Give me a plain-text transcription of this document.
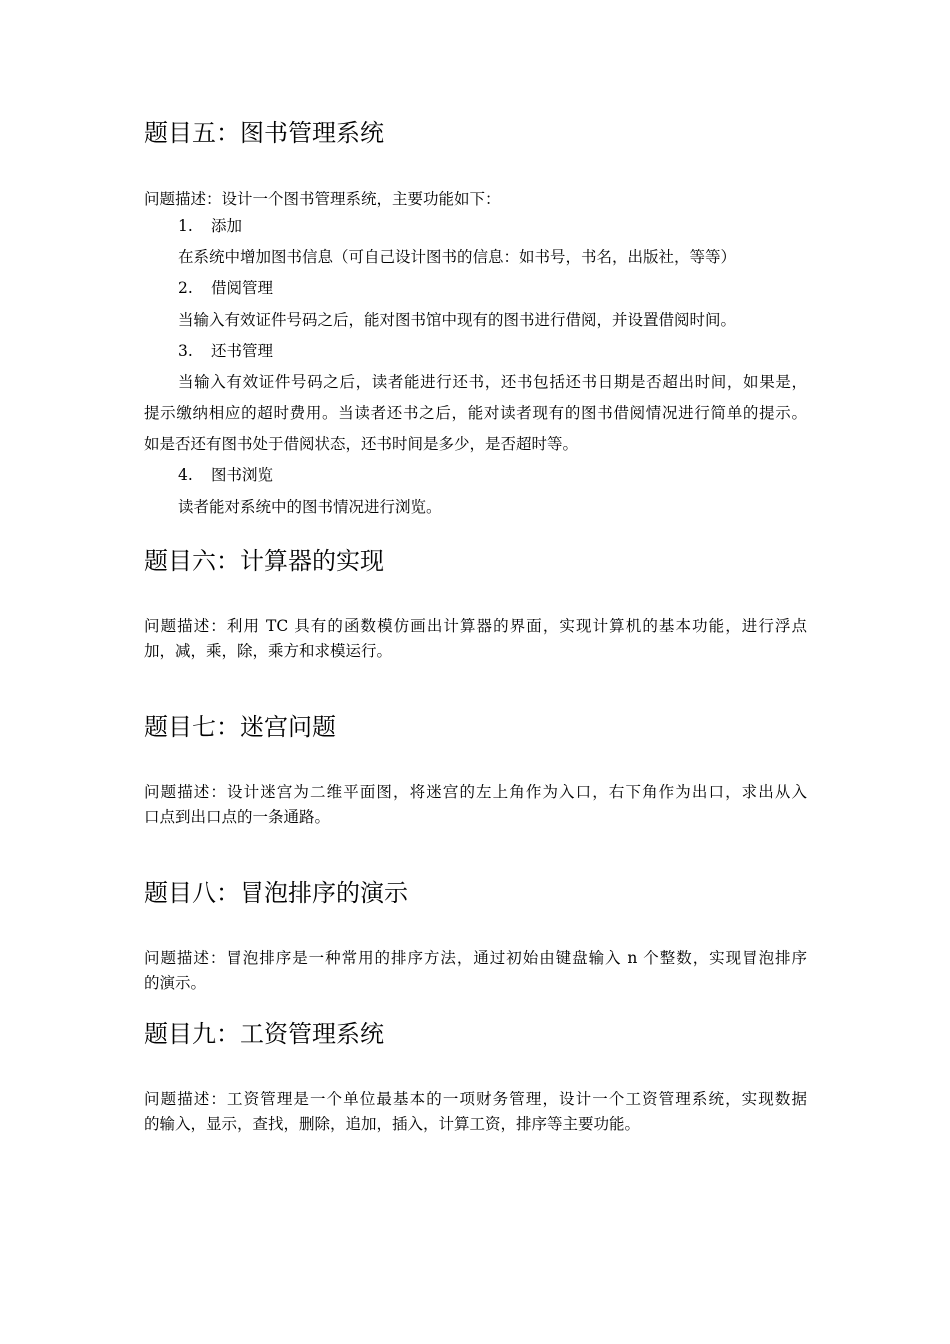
题目五：图书管理系统

问题描述：设计一个图书管理系统，主要功能如下：

1. 添加

在系统中增加图书信息（可自己设计图书的信息：如书号，书名，出版社，等等）

2. 借阅管理

当输入有效证件号码之后，能对图书馆中现有的图书进行借阅，并设置借阅时间。

3. 还书管理

当输入有效证件号码之后，读者能进行还书，还书包括还书日期是否超出时间，如果是，

提示缴纳相应的超时费用。当读者还书之后，能对读者现有的图书借阅情况进行简单的提示。

如是否还有图书处于借阅状态，还书时间是多少，是否超时等。

4. 图书浏览

读者能对系统中的图书情况进行浏览。

题目六：计算器的实现

问题描述：利用 TC 具有的函数模仿画出计算器的界面，实现计算机的基本功能，进行浮点

加，减，乘，除，乘方和求模运行。

题目七：迷宫问题

问题描述：设计迷宫为二维平面图，将迷宫的左上角作为入口，右下角作为出口，求出从入

口点到出口点的一条通路。

题目八：冒泡排序的演示

问题描述：冒泡排序是一种常用的排序方法，通过初始由键盘输入 n 个整数，实现冒泡排序

的演示。

题目九：工资管理系统

问题描述：工资管理是一个单位最基本的一项财务管理，设计一个工资管理系统，实现数据

的输入，显示，查找，删除，追加，插入，计算工资，排序等主要功能。
